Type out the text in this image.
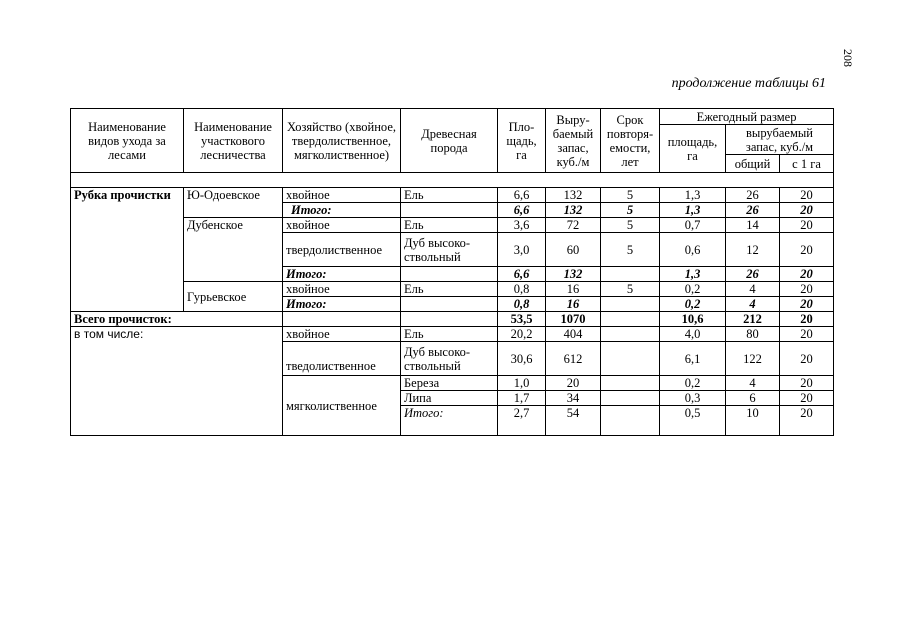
208
продолжение таблицы 61
Наименование видов ухода за лесами	Наименование участкового лесничества	Хозяйство (хвойное, твердолиственное, мягколиственное)	Древесная порода	Пло- щадь, га	Выру- баемый запас, куб./м	Срок повторя- емости, лет	Ежегодный размер		
							площадь, га	вырубаемый запас, куб./м	
								общий	с 1 га

Рубка прочистки	Ю-Одоевское	хвойное	Ель	6,6	132	5	1,3	26	20
		Итого:		6,6	132	5	1,3	26	20
	Дубенское	хвойное	Ель	3,6	72	5	0,7	14	20
		твердолиственное	Дуб высоко- ствольный	3,0	60	5	0,6	12	20
		Итого:		6,6	132		1,3	26	20
	Гурьевское	хвойное	Ель	0,8	16	5	0,2	4	20
		Итого:		0,8	16		0,2	4	20
Всего прочисток:				53,5	1070		10,6	212	20
в том числе:		хвойное	Ель	20,2	404		4,0	80	20
		тведолиственное	Дуб высоко- ствольный	30,6	612		6,1	122	20
		мягколиственное	Береза	1,0	20		0,2	4	20
			Липа	1,7	34		0,3	6	20
			Итого:	2,7	54		0,5	10	20
